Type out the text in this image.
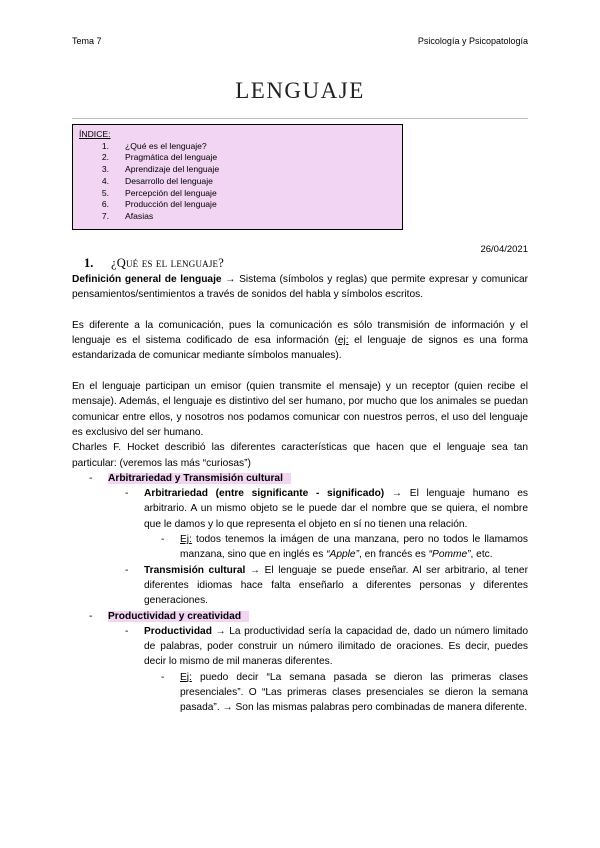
Tema 7	Psicología y Psicopatología
LENGUAJE
ÍNDICE:
1.	¿Qué es el lenguaje?
2.	Pragmática del lenguaje
3.	Aprendizaje del lenguaje
4.	Desarrollo del lenguaje
5.	Percepción del lenguaje
6.	Producción del lenguaje
7.	Afasias
26/04/2021
1.	¿Qué es el lenguaje?

Definición general de lenguaje → Sistema (símbolos y reglas) que permite expresar y comunicar pensamientos/sentimientos a través de sonidos del habla y símbolos escritos.

Es diferente a la comunicación, pues la comunicación es sólo transmisión de información y el lenguaje es el sistema codificado de esa información (ej: el lenguaje de signos es una forma estandarizada de comunicar mediante símbolos manuales).

En el lenguaje participan un emisor (quien transmite el mensaje) y un receptor (quien recibe el mensaje). Además, el lenguaje es distintivo del ser humano, por mucho que los animales se puedan comunicar entre ellos, y nosotros nos podamos comunicar con nuestros perros, el uso del lenguaje es exclusivo del ser humano.

Charles F. Hocket describió las diferentes características que hacen que el lenguaje sea tan particular: (veremos las más “curiosas”)

- Arbitrariedad y Transmisión cultural
- Arbitrariedad (entre significante - significado) → El lenguaje humano es arbitrario. A un mismo objeto se le puede dar el nombre que se quiera, el nombre que le damos y lo que representa el objeto en sí no tienen una relación.
- Ej: todos tenemos la imágen de una manzana, pero no todos le llamamos manzana, sino que en inglés es “Apple”, en francés es “Pomme”, etc.
- Transmisión cultural → El lenguaje se puede enseñar. Al ser arbitrario, al tener diferentes idiomas hace falta enseñarlo a diferentes personas y diferentes generaciones.
- Productividad y creatividad
- Productividad → La productividad sería la capacidad de, dado un número limitado de palabras, poder construir un número ilimitado de oraciones. Es decir, puedes decir lo mismo de mil maneras diferentes.
- Ej: puedo decir “La semana pasada se dieron las primeras clases presenciales”. O “Las primeras clases presenciales se dieron la semana pasada”. → Son las mismas palabras pero combinadas de manera diferente.
